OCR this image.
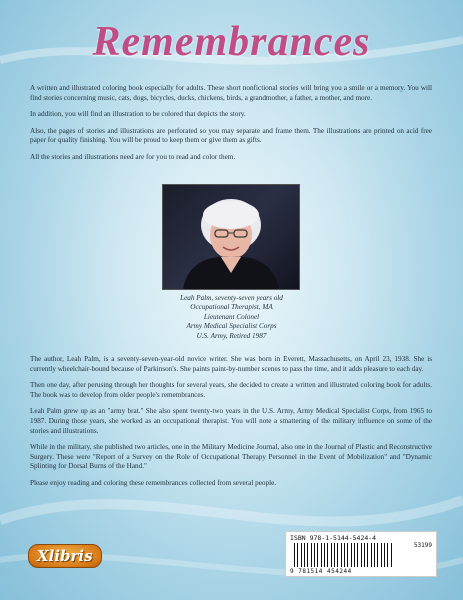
Remembrances

A written and illustrated coloring book especially for adults. These short nonfictional stories will bring you a smile or a memory. You will find stories concerning music, cats, dogs, bicycles, ducks, chickens, birds, a grandmother, a father, a mother, and more.

In addition, you will find an illustration to be colored that depicts the story.

Also, the pages of stories and illustrations are perforated so you may separate and frame them. The illustrations are printed on acid free paper for quality finishing. You will be proud to keep them or give them as gifts.

All the stories and illustrations need are for you to read and color them.

Leah Palm, seventy-seven years old
Occupational Therapist, MA
Lieutenant Colonel
Army Medical Specialist Corps
U.S. Army, Retired 1987

The author, Leah Palm, is a seventy-seven-year-old novice writer. She was born in Everett, Massachusetts, on April 23, 1938. She is currently wheelchair-bound because of Parkinson's. She paints paint-by-number scenes to pass the time, and it adds pleasure to each day.

Then one day, after perusing through her thoughts for several years, she decided to create a written and illustrated coloring book for adults. The book was to develop from older people's remembrances.

Leah Palm grew up as an "army brat." She also spent twenty-two years in the U.S. Army, Army Medical Specialist Corps, from 1965 to 1987. During those years, she worked as an occupational therapist. You will note a smattering of the military influence on some of the stories and illustrations.

While in the military, she published two articles, one in the Military Medicine Journal, also one in the Journal of Plastic and Reconstructive Surgery. These were "Report of a Survey on the Role of Occupational Therapy Personnel in the Event of Mobilization" and "Dynamic Splinting for Dorsal Burns of the Hand."

Please enjoy reading and coloring these remembrances collected from several people.

Xlibris
ISBN 978-1-5144-5424-4
53199
9 781514 454244
